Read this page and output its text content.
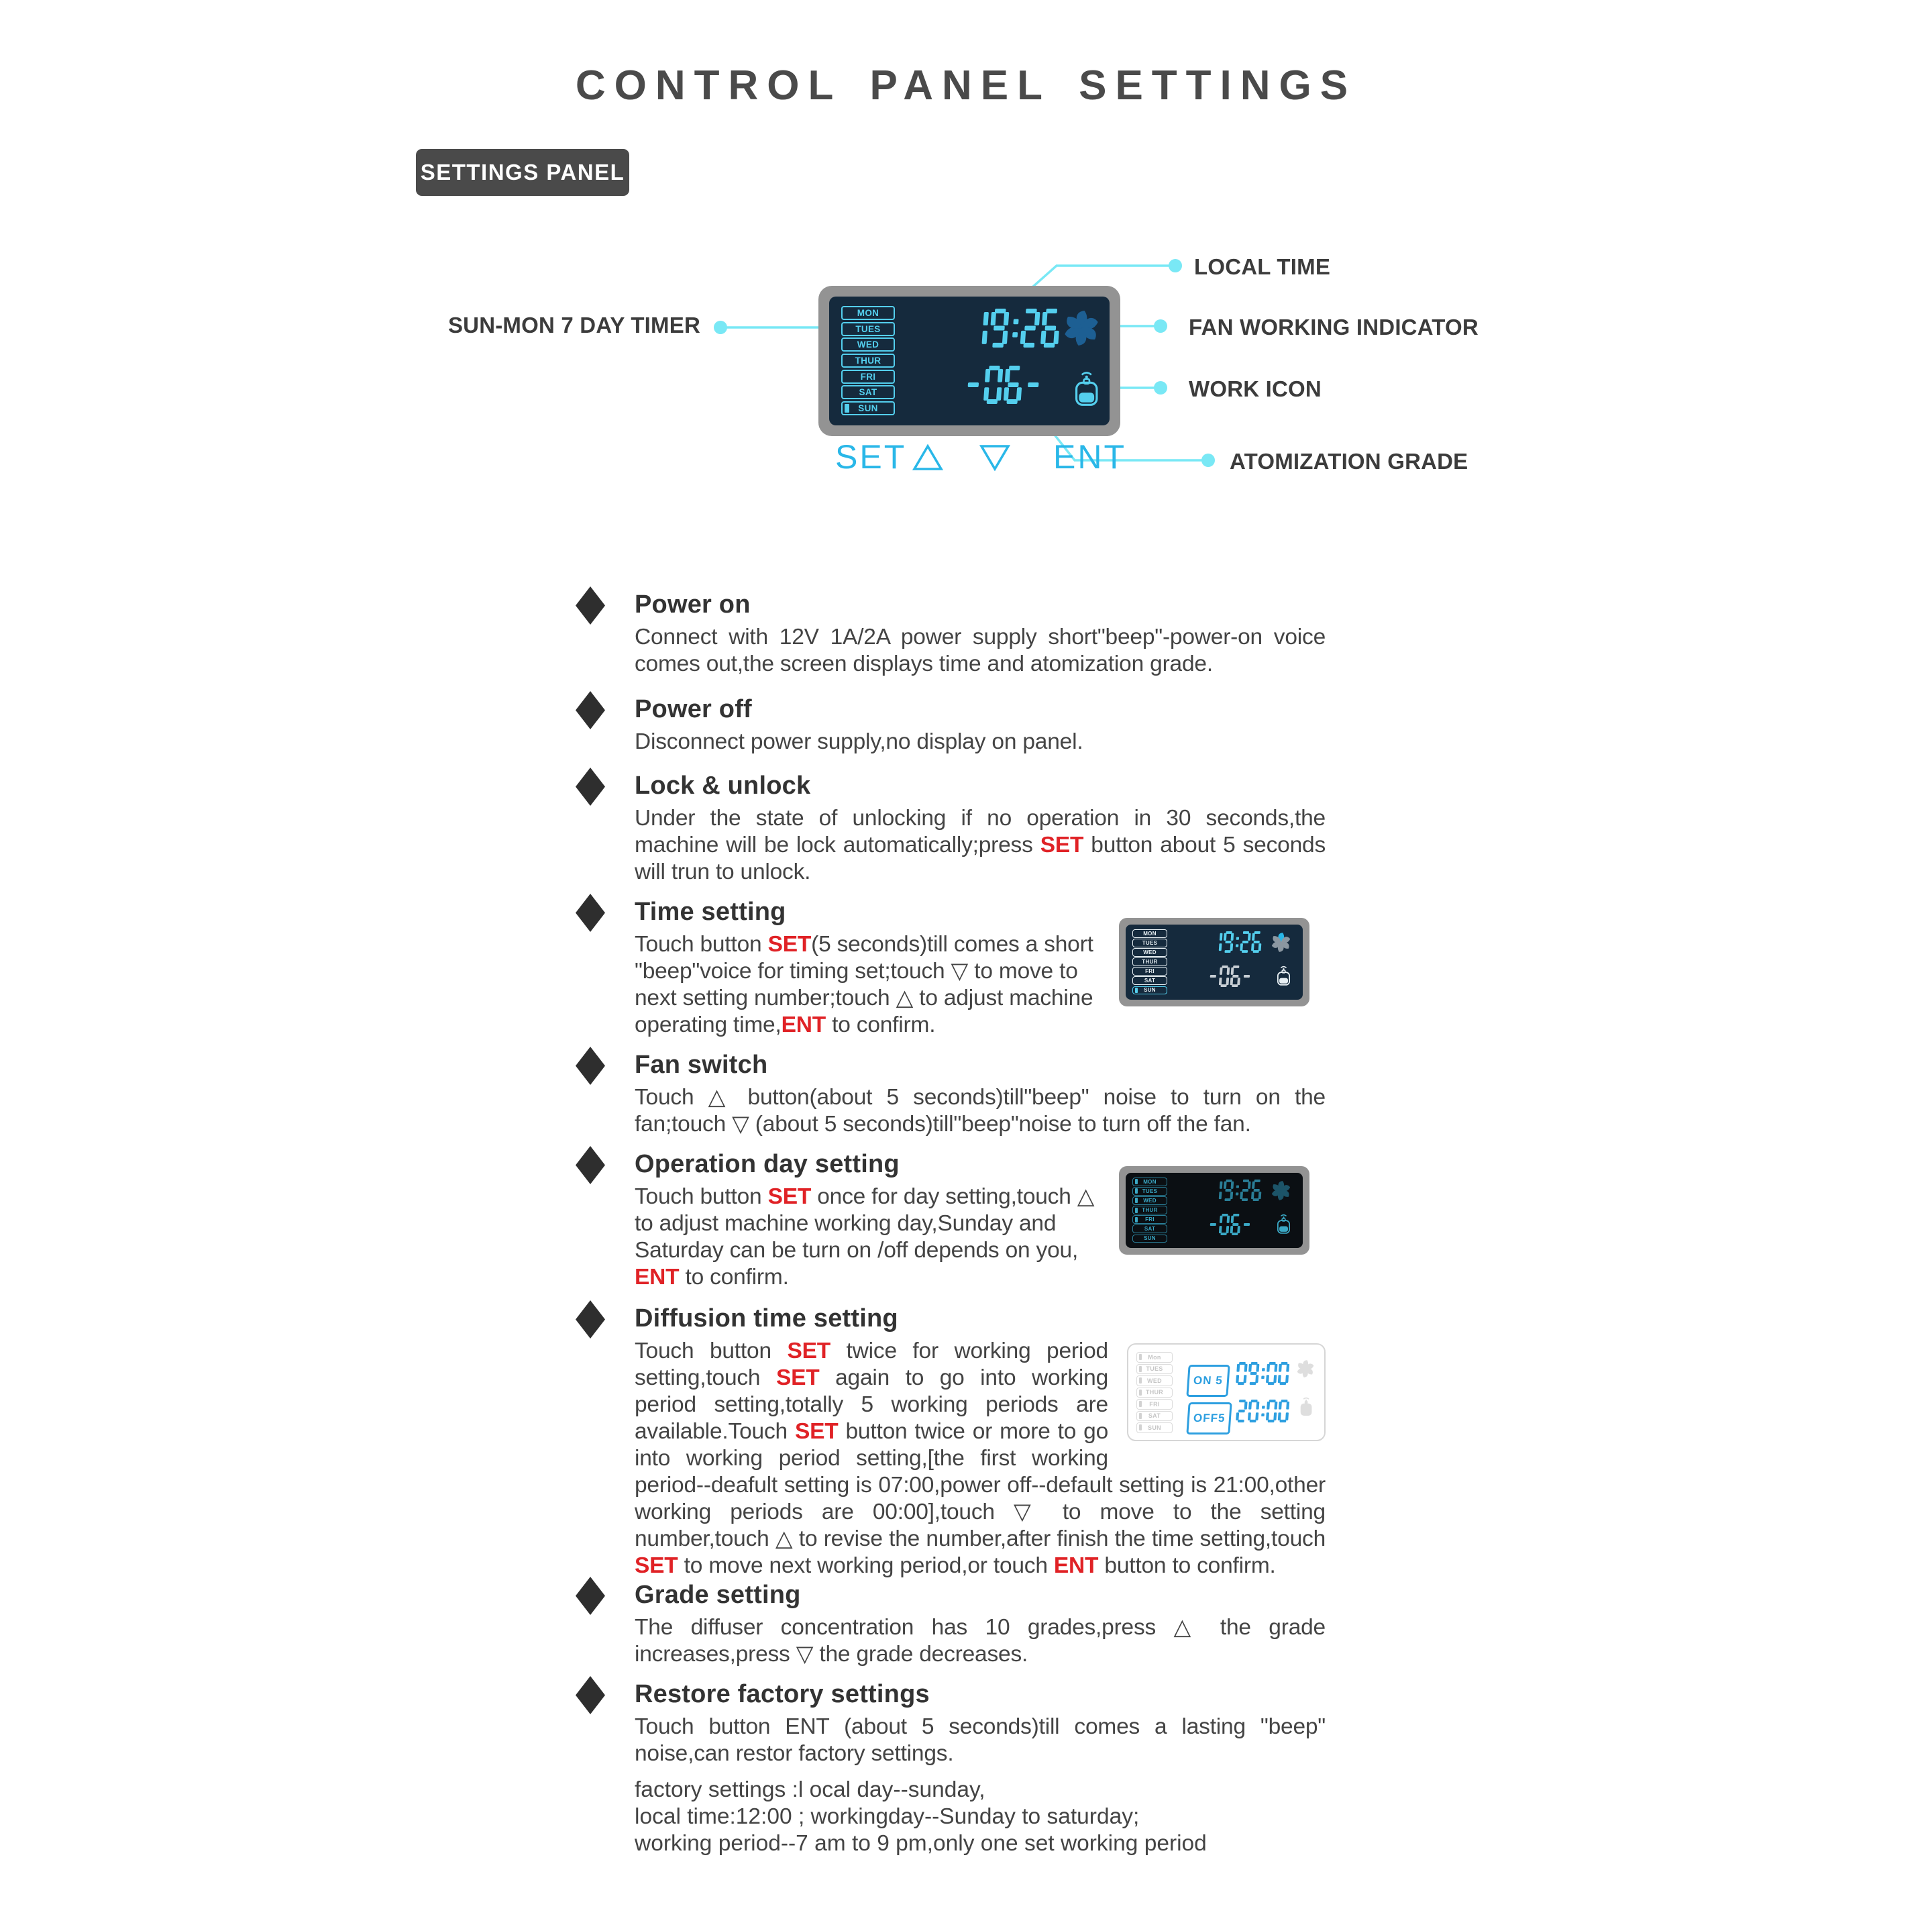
CONTROL PANEL SETTINGS
SETTINGS PANEL
SUN-MON 7 DAY TIMER
LOCAL TIME
FAN WORKING INDICATOR
WORK ICON
ATOMIZATION GRADE
MON
TUES
WED
THUR
FRI
SAT
SUN
SET	ENT
Power on

Connect with 12V 1A/2A power supply short"beep"-power-on voice comes out,the screen displays time and atomization grade.

Power off

Disconnect power supply,no display on panel.

Lock & unlock

Under the state of unlocking if no operation in 30 seconds,the machine will be lock automatically;press SET button about 5 seconds will trun to unlock.

Time setting

Touch button SET(5 seconds)till comes a short "beep"voice for timing set;touch ▽ to move to next setting number;touch △ to adjust machine operating time,ENT to confirm.

MON
TUES
WED
THUR
FRI
SAT
SUN
Fan switch

Touch △ button(about 5 seconds)till"beep" noise to turn on the fan;touch ▽ (about 5 seconds)till"beep"noise to turn off the fan.

Operation day setting

Touch button SET once for day setting,touch △ to adjust machine working day,Sunday and Saturday can be turn on /off depends on you, ENT to confirm.

MON
TUES
WED
THUR
FRI
SAT
SUN
Diffusion time setting

Mon
TUES
WED
THUR
FRI
SAT
SUN
ON 5
OFF5
Touch button SET twice for working period setting,touch SET again to go into working period setting,totally 5 working periods are available.Touch SET button twice or more to go into working period setting,[the first working period--deafult setting is 07:00,power off--default setting is 21:00,other working periods are 00:00],touch ▽ to move to the setting number,touch △ to revise the number,after finish the time setting,touch SET to move next working period,or touch ENT button to confirm.

Grade setting

The diffuser concentration has 10 grades,press △ the grade increases,press ▽ the grade decreases.

Restore factory settings

Touch button ENT (about 5 seconds)till comes a lasting "beep" noise,can restor factory settings.

factory settings :l ocal day--sunday,
local time:12:00 ; workingday--Sunday to saturday;
working period--7 am to 9 pm,only one set working period
